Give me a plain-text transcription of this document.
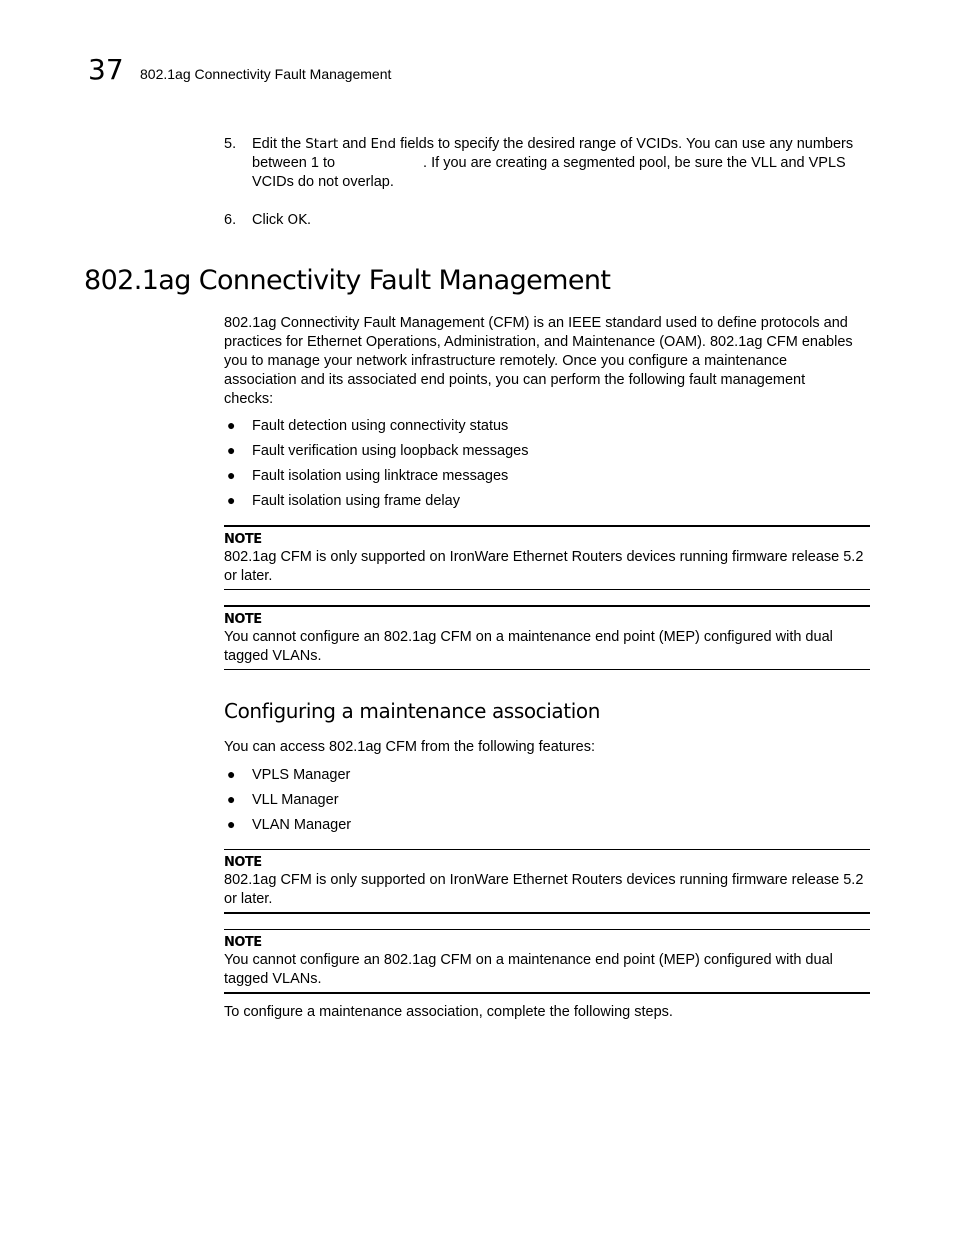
37 802.1ag Connectivity Fault Management
5. Edit the Start and End fields to specify the desired range of VCIDs. You can use any numbers
between 1 to	. If you are creating a segmented pool, be sure the VLL and VPLS
VCIDs do not overlap.
6. Click OK.
802.1ag Connectivity Fault Management
802.1ag Connectivity Fault Management (CFM) is an IEEE standard used to define protocols and
practices for Ethernet Operations, Administration, and Maintenance (OAM). 802.1ag CFM enables
you to manage your network infrastructure remotely. Once you configure a maintenance
association and its associated end points, you can perform the following fault management
checks:
● Fault detection using connectivity status
● Fault verification using loopback messages
● Fault isolation using linktrace messages
● Fault isolation using frame delay
NOTE
802.1ag CFM is only supported on IronWare Ethernet Routers devices running firmware release 5.2
or later.
NOTE
You cannot configure an 802.1ag CFM on a maintenance end point (MEP) configured with dual
tagged VLANs.
Configuring a maintenance association
You can access 802.1ag CFM from the following features:
● VPLS Manager
● VLL Manager
● VLAN Manager
NOTE
802.1ag CFM is only supported on IronWare Ethernet Routers devices running firmware release 5.2
or later.
NOTE
You cannot configure an 802.1ag CFM on a maintenance end point (MEP) configured with dual
tagged VLANs.
To configure a maintenance association, complete the following steps.
